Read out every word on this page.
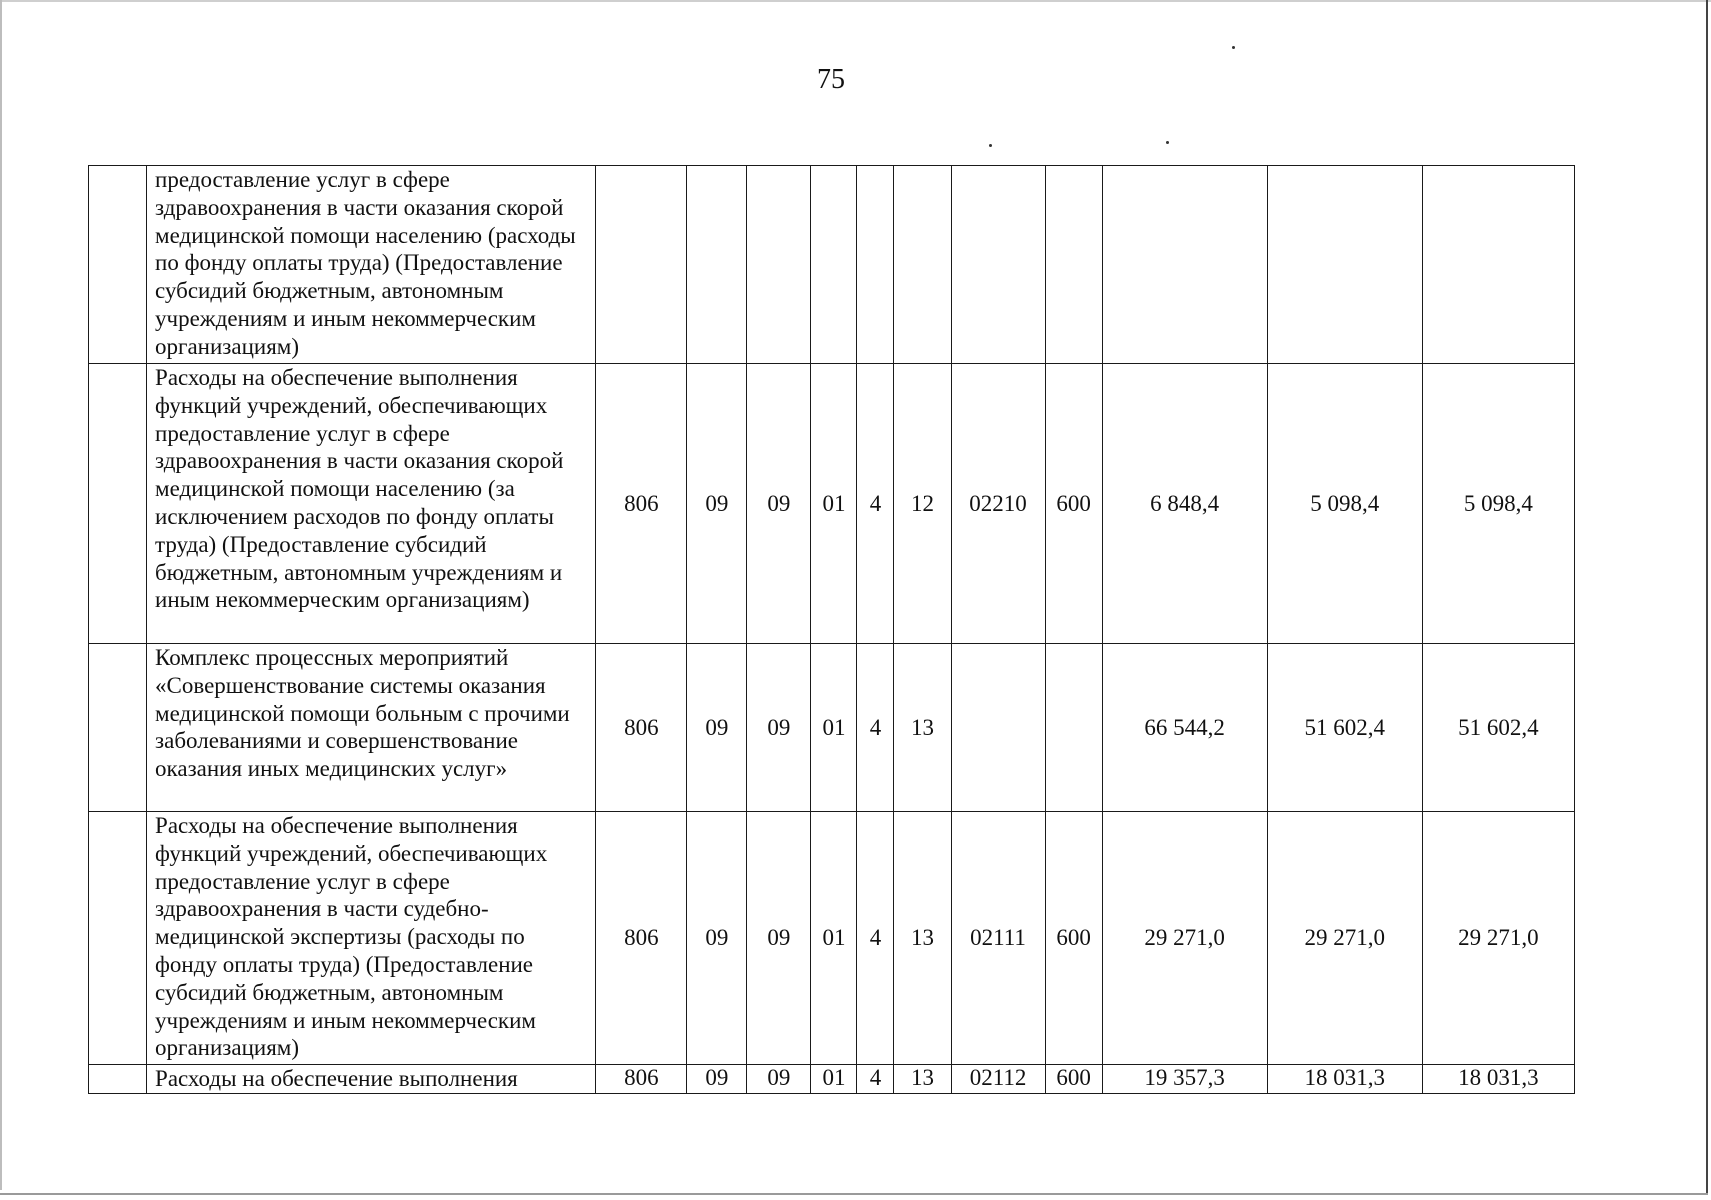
75
	предоставление услуг в сфере здравоохранения в части оказания скорой медицинской помощи населению (расходы по фонду оплаты труда) (Предоставление субсидий бюджетным, автономным учреждениям и иным некоммерческим организациям)											
	Расходы на обеспечение выполнения функций учреждений, обеспечивающих предоставление услуг в сфере здравоохранения в части оказания скорой медицинской помощи населению (за исключением расходов по фонду оплаты труда) (Предоставление субсидий бюджетным, автономным учреждениям и иным некоммерческим организациям)	806	09	09	01	4	12	02210	600	6 848,4	5 098,4	5 098,4
	Комплекс процессных мероприятий «Совершенствование системы оказания медицинской помощи больным с прочими заболеваниями и совершенствование оказания иных медицинских услуг»	806	09	09	01	4	13			66 544,2	51 602,4	51 602,4
	Расходы на обеспечение выполнения функций учреждений, обеспечивающих предоставление услуг в сфере здравоохранения в части судебно-медицинской экспертизы (расходы по фонду оплаты труда) (Предоставление субсидий бюджетным, автономным учреждениям и иным некоммерческим организациям)	806	09	09	01	4	13	02111	600	29 271,0	29 271,0	29 271,0
	Расходы на обеспечение выполнения	806	09	09	01	4	13	02112	600	19 357,3	18 031,3	18 031,3
